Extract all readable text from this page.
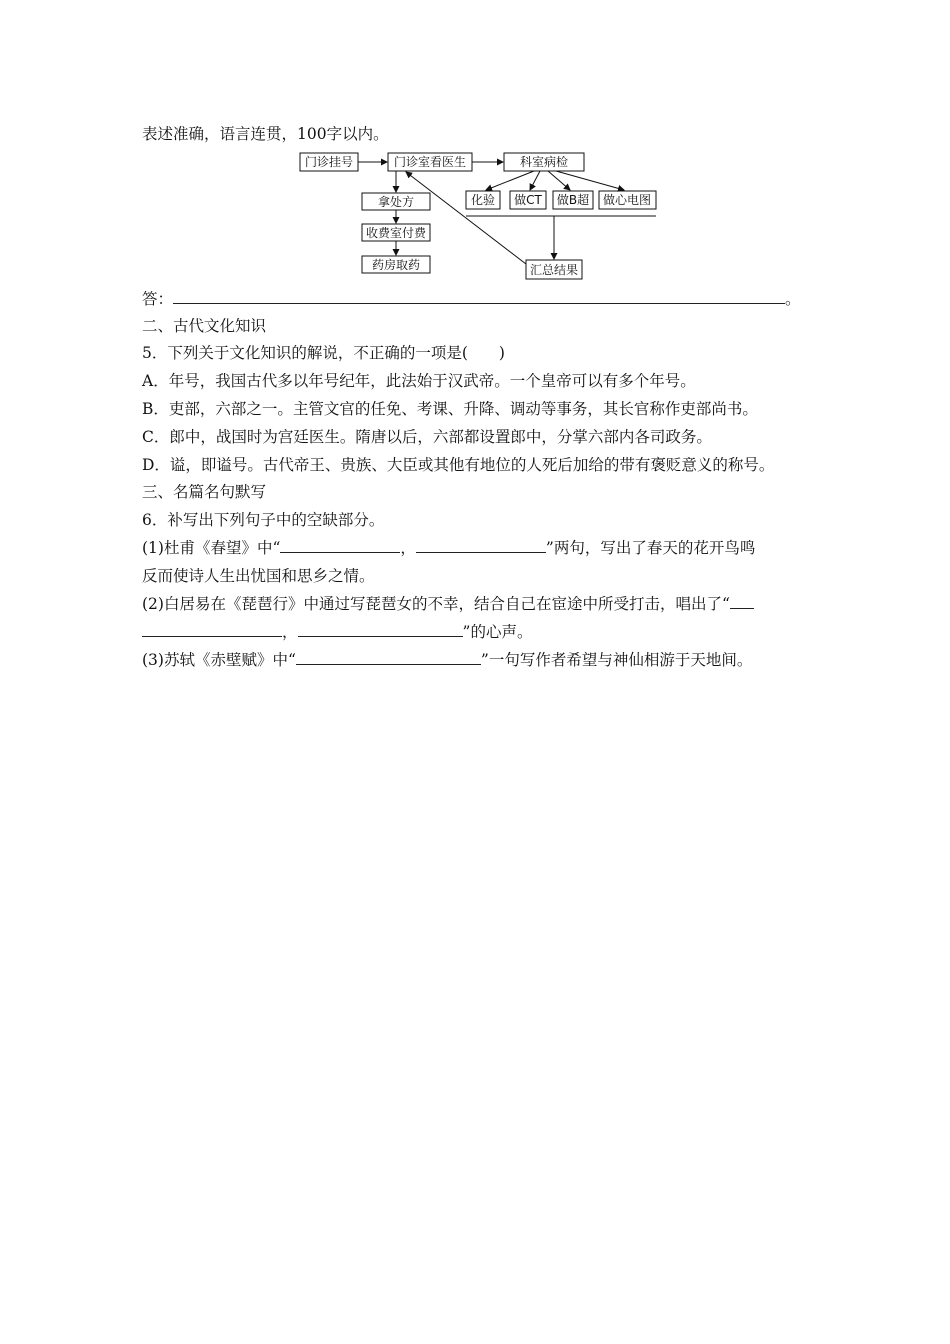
表述准确，语言连贯，100字以内。
门诊挂号	门诊室看医生	科室病检
拿处方
收费室付费
药房取药
化验 做CT 做B超 做心电图
汇总结果
答：	。
二、古代文化知识
5．下列关于文化知识的解说，不正确的一项是(　　)
A．年号，我国古代多以年号纪年，此法始于汉武帝。一个皇帝可以有多个年号。
B．吏部，六部之一。主管文官的任免、考课、升降、调动等事务，其长官称作吏部尚书。
C．郎中，战国时为宫廷医生。隋唐以后，六部都设置郎中，分掌六部内各司政务。
D．谥，即谥号。古代帝王、贵族、大臣或其他有地位的人死后加给的带有褒贬意义的称号。
三、名篇名句默写
6．补写出下列句子中的空缺部分。
(1)杜甫《春望》中“	，	”两句，写出了春天的花开鸟鸣
反而使诗人生出忧国和思乡之情。
(2)白居易在《琵琶行》中通过写琵琶女的不幸，结合自己在宦途中所受打击，唱出了“
，	”的心声。
(3)苏轼《赤壁赋》中“	”一句写作者希望与神仙相游于天地间。
